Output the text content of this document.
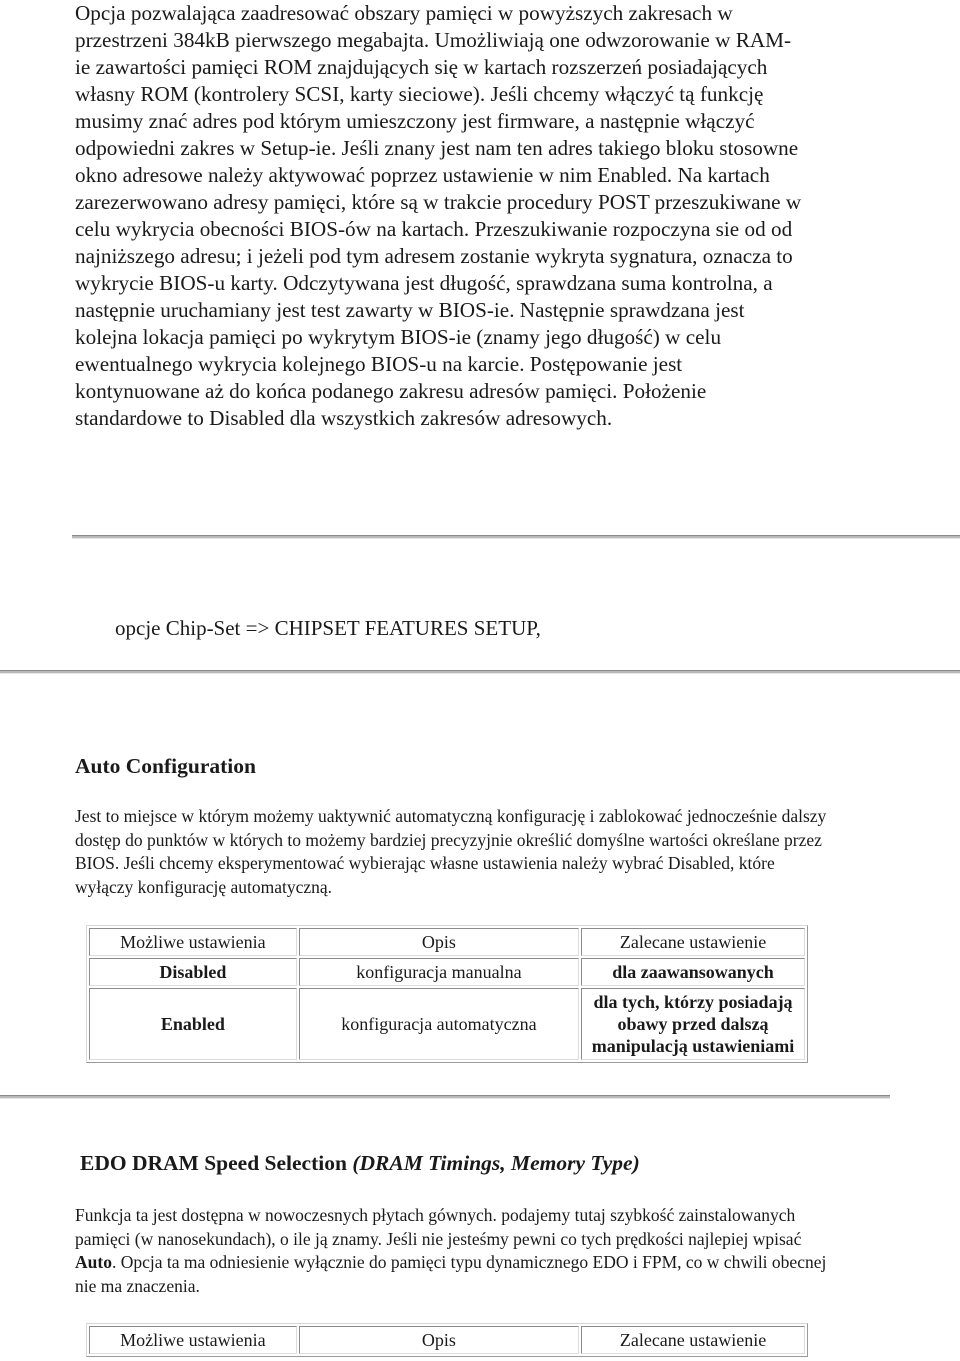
Opcja pozwalająca zaadresować obszary pamięci w powyższych zakresach w przestrzeni 384kB pierwszego megabajta. Umożliwiają one odwzorowanie w RAM-ie zawartości pamięci ROM znajdujących się w kartach rozszerzeń posiadających własny ROM (kontrolery SCSI, karty sieciowe). Jeśli chcemy włączyć tą funkcję musimy znać adres pod którym umieszczony jest firmware, a następnie włączyć odpowiedni zakres w Setup-ie. Jeśli znany jest nam ten adres takiego bloku stosowne okno adresowe należy aktywować poprzez ustawienie w nim Enabled. Na kartach zarezerwowano adresy pamięci, które są w trakcie procedury POST przeszukiwane w celu wykrycia obecności BIOS-ów na kartach. Przeszukiwanie rozpoczyna sie od od najniższego adresu; i jeżeli pod tym adresem zostanie wykryta sygnatura, oznacza to wykrycie BIOS-u karty. Odczytywana jest długość, sprawdzana suma kontrolna, a następnie uruchamiany jest test zawarty w BIOS-ie. Następnie sprawdzana jest kolejna lokacja pamięci po wykrytym BIOS-ie (znamy jego długość) w celu ewentualnego wykrycia kolejnego BIOS-u na karcie. Postępowanie jest kontynuowane aż do końca podanego zakresu adresów pamięci. Położenie standardowe to Disabled dla wszystkich zakresów adresowych.

opcje Chip-Set => CHIPSET FEATURES SETUP,

Auto Configuration

Jest to miejsce w którym możemy uaktywnić automatyczną konfigurację i zablokować jednocześnie dalszy dostęp do punktów w których to możemy bardziej precyzyjnie określić domyślne wartości określane przez BIOS. Jeśli chcemy eksperymentować wybierając własne ustawienia należy wybrać Disabled, które wyłączy konfigurację automatyczną.

Możliwe ustawienia	Opis	Zalecane ustawienie
Disabled	konfiguracja manualna	dla zaawansowanych
Enabled	konfiguracja automatyczna	dla tych, którzy posiadają obawy przed dalszą manipulacją ustawieniami
EDO DRAM Speed Selection (DRAM Timings, Memory Type)

Funkcja ta jest dostępna w nowoczesnych płytach gównych. podajemy tutaj szybkość zainstalowanych pamięci (w nanosekundach), o ile ją znamy. Jeśli nie jesteśmy pewni co tych prędkości najlepiej wpisać Auto. Opcja ta ma odniesienie wyłącznie do pamięci typu dynamicznego EDO i FPM, co w chwili obecnej nie ma znaczenia.

Możliwe ustawienia	Opis	Zalecane ustawienie
